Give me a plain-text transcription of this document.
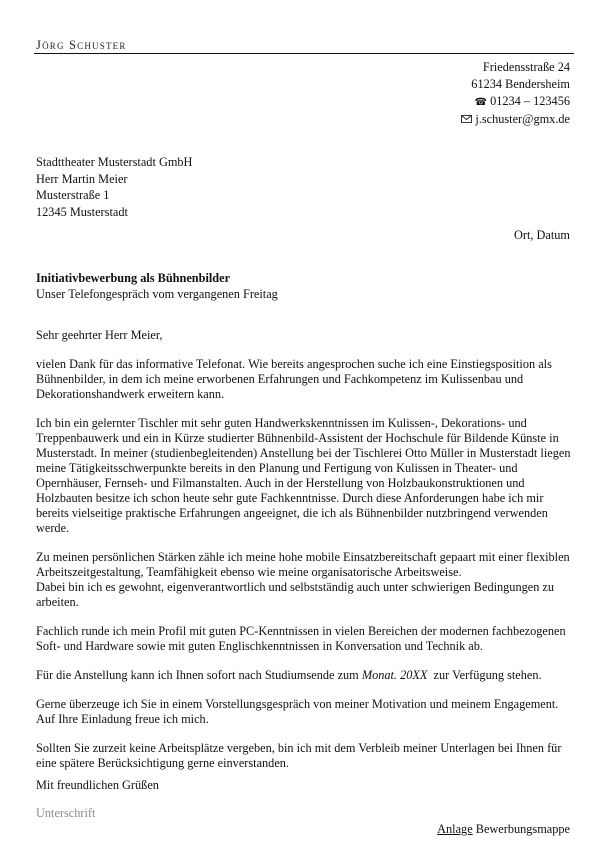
Jörg Schuster
Friedensstraße 24
61234 Bendersheim
☎ 01234 – 123456
j.schuster@gmx.de
Stadttheater Musterstadt GmbH
Herr Martin Meier
Musterstraße 1
12345 Musterstadt
Ort, Datum
Initiativbewerbung als Bühnenbilder
Unser Telefongespräch vom vergangenen Freitag

Sehr geehrter Herr Meier,

vielen Dank für das informative Telefonat. Wie bereits angesprochen suche ich eine Einstiegsposition als Bühnenbilder, in dem ich meine erworbenen Erfahrungen und Fachkompetenz im Kulissenbau und Dekorationshandwerk erweitern kann.

Ich bin ein gelernter Tischler mit sehr guten Handwerkskenntnissen im Kulissen-, Dekorations- und Treppenbauwerk und ein in Kürze studierter Bühnenbild-Assistent der Hochschule für Bildende Künste in Musterstadt. In meiner (studienbegleitenden) Anstellung bei der Tischlerei Otto Müller in Musterstadt liegen meine Tätigkeitsschwerpunkte bereits in den Planung und Fertigung von Kulissen in Theater- und Opernhäuser, Fernseh- und Filmanstalten. Auch in der Herstellung von Holzbaukonstruktionen und Holzbauten besitze ich schon heute sehr gute Fachkenntnisse. Durch diese Anforderungen habe ich mir bereits vielseitige praktische Erfahrungen angeeignet, die ich als Bühnenbilder nutzbringend verwenden werde.

Zu meinen persönlichen Stärken zähle ich meine hohe mobile Einsatzbereitschaft gepaart mit einer flexiblen Arbeitszeitgestaltung, Teamfähigkeit ebenso wie meine organisatorische Arbeitsweise.
Dabei bin ich es gewohnt, eigenverantwortlich und selbstständig auch unter schwierigen Bedingungen zu arbeiten.

Fachlich runde ich mein Profil mit guten PC-Kenntnissen in vielen Bereichen der modernen fachbezogenen Soft- und Hardware sowie mit guten Englischkenntnissen in Konversation und Technik ab.

Für die Anstellung kann ich Ihnen sofort nach Studiumsende zum Monat. 20XX  zur Verfügung stehen.

Gerne überzeuge ich Sie in einem Vorstellungsgespräch von meiner Motivation und meinem Engagement. Auf Ihre Einladung freue ich mich.

Sollten Sie zurzeit keine Arbeitsplätze vergeben, bin ich mit dem Verbleib meiner Unterlagen bei Ihnen für eine spätere Berücksichtigung gerne einverstanden.

Mit freundlichen Grüßen
Unterschrift
Anlage Bewerbungsmappe
